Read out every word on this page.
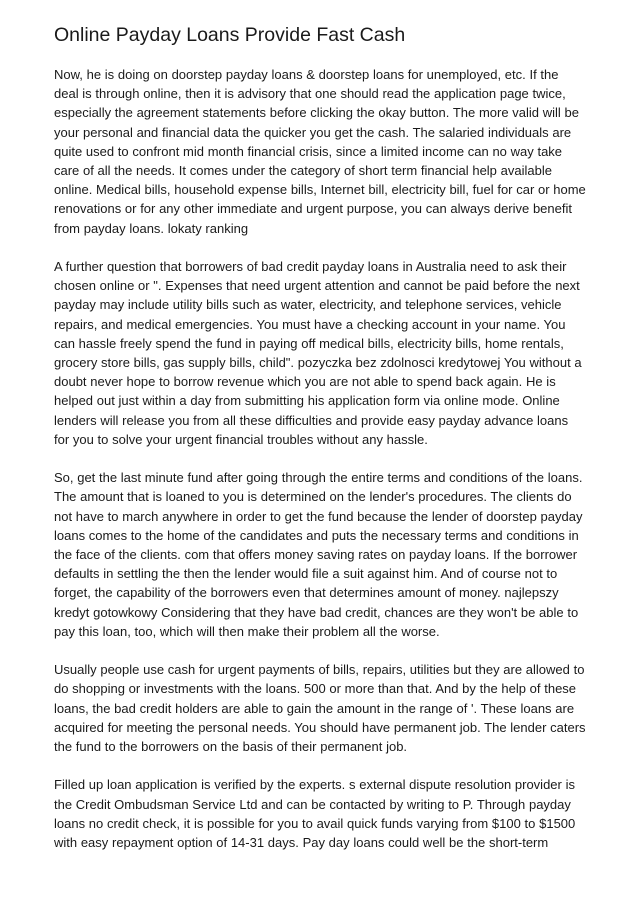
Online Payday Loans Provide Fast Cash

Now, he is doing on doorstep payday loans & doorstep loans for unemployed, etc. If the deal is through online, then it is advisory that one should read the application page twice, especially the agreement statements before clicking the okay button. The more valid will be your personal and financial data the quicker you get the cash. The salaried individuals are quite used to confront mid month financial crisis, since a limited income can no way take care of all the needs. It comes under the category of short term financial help available online. Medical bills, household expense bills, Internet bill, electricity bill, fuel for car or home renovations or for any other immediate and urgent purpose, you can always derive benefit from payday loans. lokaty ranking

A further question that borrowers of bad credit payday loans in Australia need to ask their chosen online or ". Expenses that need urgent attention and cannot be paid before the next payday may include utility bills such as water, electricity, and telephone services, vehicle repairs, and medical emergencies. You must have a checking account in your name. You can hassle freely spend the fund in paying off medical bills, electricity bills, home rentals, grocery store bills, gas supply bills, child". pozyczka bez zdolnosci kredytowej You without a doubt never hope to borrow revenue which you are not able to spend back again. He is helped out just within a day from submitting his application form via online mode. Online lenders will release you from all these difficulties and provide easy payday advance loans for you to solve your urgent financial troubles without any hassle.

So, get the last minute fund after going through the entire terms and conditions of the loans. The amount that is loaned to you is determined on the lender's procedures. The clients do not have to march anywhere in order to get the fund because the lender of doorstep payday loans comes to the home of the candidates and puts the necessary terms and conditions in the face of the clients. com that offers money saving rates on payday loans. If the borrower defaults in settling the then the lender would file a suit against him. And of course not to forget, the capability of the borrowers even that determines amount of money. najlepszy kredyt gotowkowy Considering that they have bad credit, chances are they won't be able to pay this loan, too, which will then make their problem all the worse.

Usually people use cash for urgent payments of bills, repairs, utilities but they are allowed to do shopping or investments with the loans. 500 or more than that. And by the help of these loans, the bad credit holders are able to gain the amount in the range of '. These loans are acquired for meeting the personal needs. You should have permanent job. The lender caters the fund to the borrowers on the basis of their permanent job.

Filled up loan application is verified by the experts. s external dispute resolution provider is the Credit Ombudsman Service Ltd and can be contacted by writing to P. Through payday loans no credit check, it is possible for you to avail quick funds varying from $100 to $1500 with easy repayment option of 14-31 days. Pay day loans could well be the short-term
